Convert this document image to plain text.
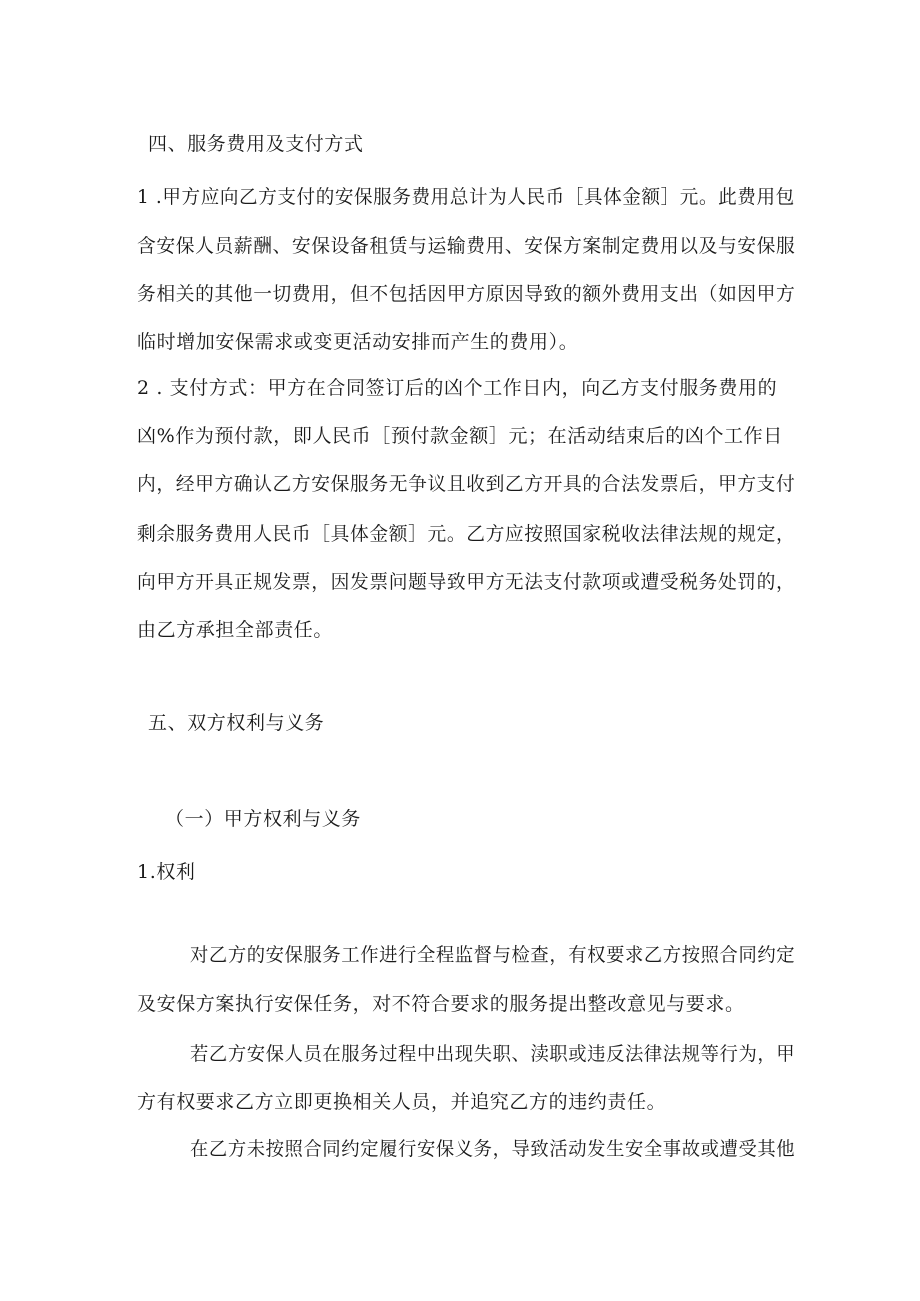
四、服务费用及支付方式
1 .甲方应向乙方支付的安保服务费用总计为人民币［具体金额］元。此费用包
含安保人员薪酬、安保设备租赁与运输费用、安保方案制定费用以及与安保服
务相关的其他一切费用，但不包括因甲方原因导致的额外费用支出（如因甲方
临时增加安保需求或变更活动安排而产生的费用）。
2 . 支付方式：甲方在合同签订后的凶个工作日内，向乙方支付服务费用的
凶%作为预付款，即人民币［预付款金额］元；在活动结束后的凶个工作日
内，经甲方确认乙方安保服务无争议且收到乙方开具的合法发票后，甲方支付
剩余服务费用人民币［具体金额］元。乙方应按照国家税收法律法规的规定，
向甲方开具正规发票，因发票问题导致甲方无法支付款项或遭受税务处罚的，
由乙方承担全部责任。
五、双方权利与义务
（一）甲方权利与义务
1.权利
对乙方的安保服务工作进行全程监督与检查，有权要求乙方按照合同约定
及安保方案执行安保任务，对不符合要求的服务提出整改意见与要求。
若乙方安保人员在服务过程中出现失职、渎职或违反法律法规等行为，甲
方有权要求乙方立即更换相关人员，并追究乙方的违约责任。
在乙方未按照合同约定履行安保义务，导致活动发生安全事故或遭受其他
